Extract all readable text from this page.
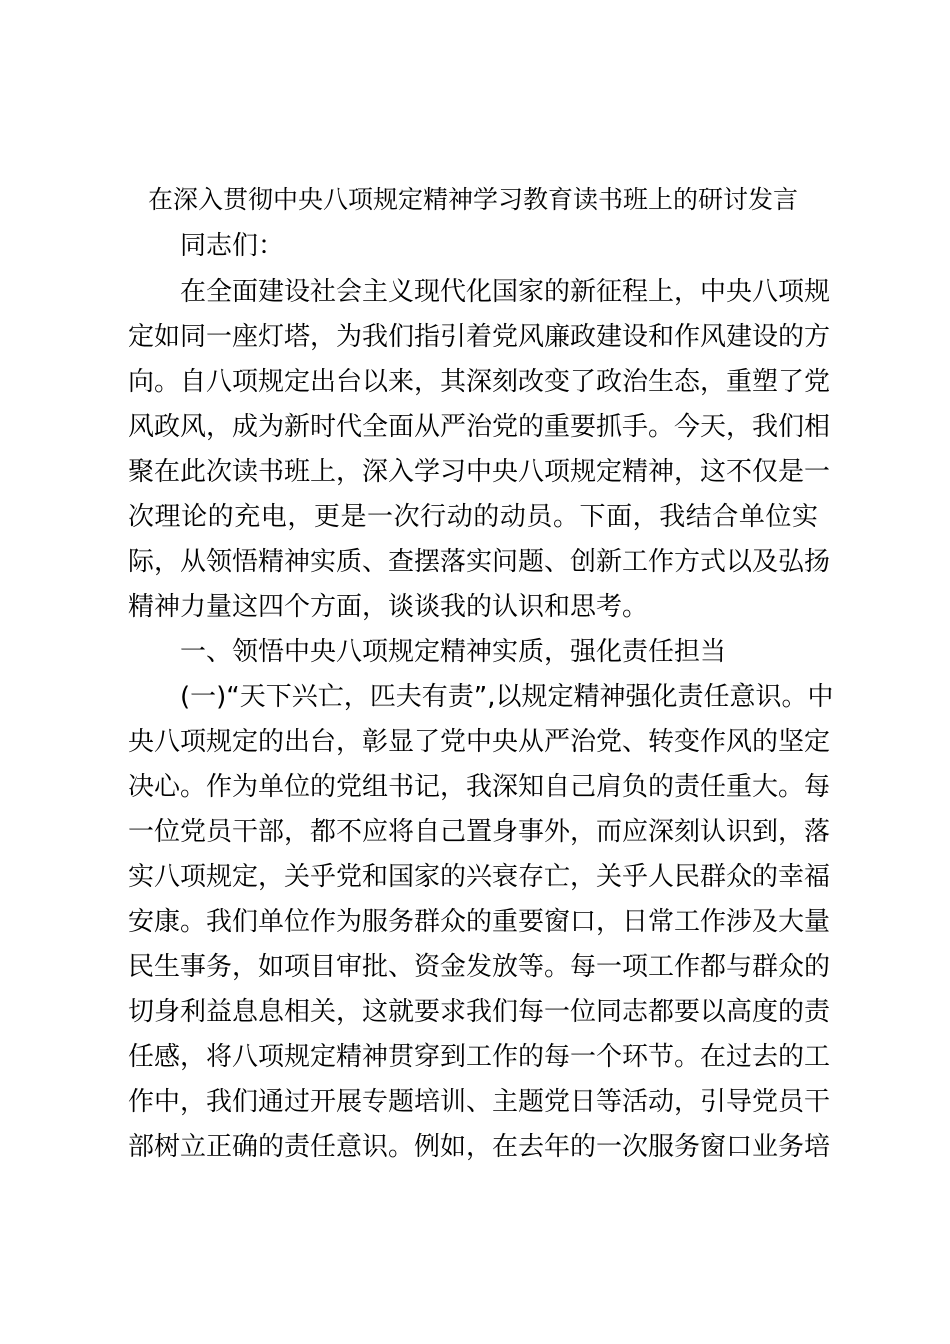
在深入贯彻中央八项规定精神学习教育读书班上的研讨发言
同志们：
在全面建设社会主义现代化国家的新征程上，中央八项规
定如同一座灯塔，为我们指引着党风廉政建设和作风建设的方
向。自八项规定出台以来，其深刻改变了政治生态，重塑了党
风政风，成为新时代全面从严治党的重要抓手。今天，我们相
聚在此次读书班上，深入学习中央八项规定精神，这不仅是一
次理论的充电，更是一次行动的动员。下面，我结合单位实
际，从领悟精神实质、查摆落实问题、创新工作方式以及弘扬
精神力量这四个方面，谈谈我的认识和思考。
一、领悟中央八项规定精神实质，强化责任担当
(一)“天下兴亡，匹夫有责”,以规定精神强化责任意识。中
央八项规定的出台，彰显了党中央从严治党、转变作风的坚定
决心。作为单位的党组书记，我深知自己肩负的责任重大。每
一位党员干部，都不应将自己置身事外，而应深刻认识到，落
实八项规定，关乎党和国家的兴衰存亡，关乎人民群众的幸福
安康。我们单位作为服务群众的重要窗口，日常工作涉及大量
民生事务，如项目审批、资金发放等。每一项工作都与群众的
切身利益息息相关，这就要求我们每一位同志都要以高度的责
任感，将八项规定精神贯穿到工作的每一个环节。在过去的工
作中，我们通过开展专题培训、主题党日等活动，引导党员干
部树立正确的责任意识。例如，在去年的一次服务窗口业务培
